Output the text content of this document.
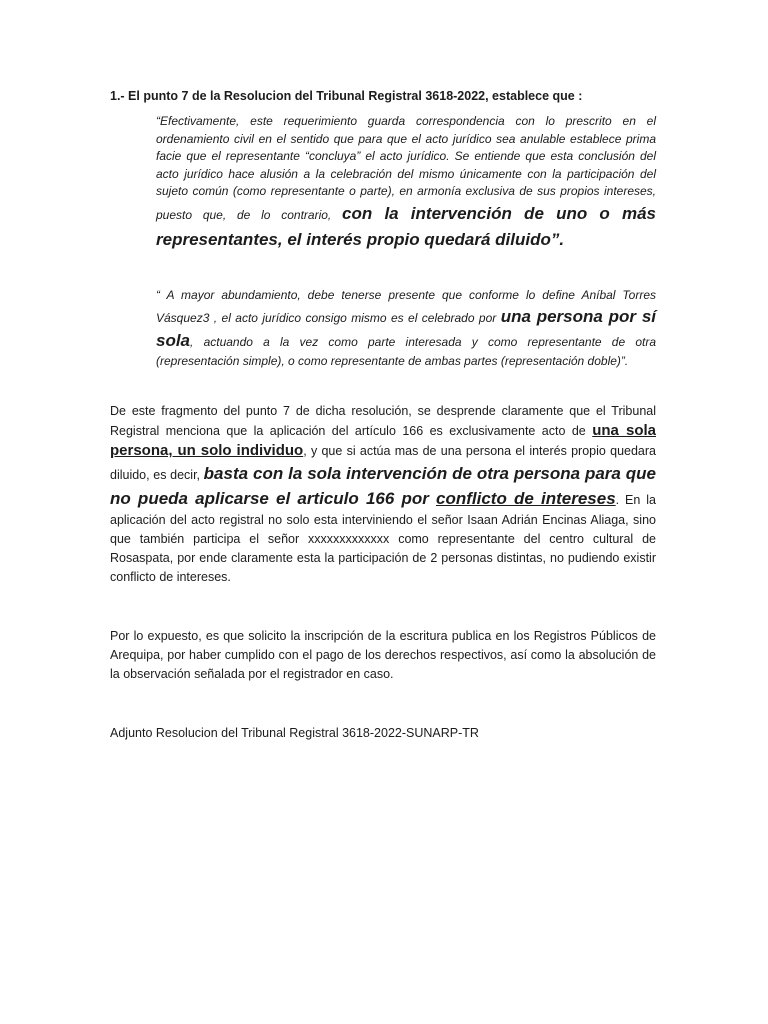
1.- El punto 7 de la Resolucion del Tribunal Registral 3618-2022, establece que :

“Efectivamente, este requerimiento guarda correspondencia con lo prescrito en el ordenamiento civil en el sentido que para que el acto jurídico sea anulable establece prima facie que el representante “concluya” el acto jurídico. Se entiende que esta conclusión del acto jurídico hace alusión a la celebración del mismo únicamente con la participación del sujeto común (como representante o parte), en armonía exclusiva de sus propios intereses, puesto que, de lo contrario, con la intervención de uno o más representantes, el interés propio quedará diluido”.

“ A mayor abundamiento, debe tenerse presente que conforme lo define Aníbal Torres Vásquez3 , el acto jurídico consigo mismo es el celebrado por una persona por sí sola, actuando a la vez como parte interesada y como representante de otra (representación simple), o como representante de ambas partes (representación doble)”.

De este fragmento del punto 7 de dicha resolución, se desprende claramente que el Tribunal Registral menciona que la aplicación del artículo 166 es exclusivamente acto de una sola persona, un solo individuo, y que si actúa mas de una persona el interés propio quedara diluido, es decir, basta con la sola intervención de otra persona para que no pueda aplicarse el articulo 166 por conflicto de intereses. En la aplicación del acto registral no solo esta interviniendo el señor Isaan Adrián Encinas Aliaga, sino que también participa el señor xxxxxxxxxxxxx como representante del centro cultural de Rosaspata, por ende claramente esta la participación de 2 personas distintas, no pudiendo existir conflicto de intereses.

Por lo expuesto, es que solicito la inscripción de la escritura publica en los Registros Públicos de Arequipa, por haber cumplido con el pago de los derechos respectivos, así como la absolución de la observación señalada por el registrador en caso.

Adjunto Resolucion del Tribunal Registral 3618-2022-SUNARP-TR
